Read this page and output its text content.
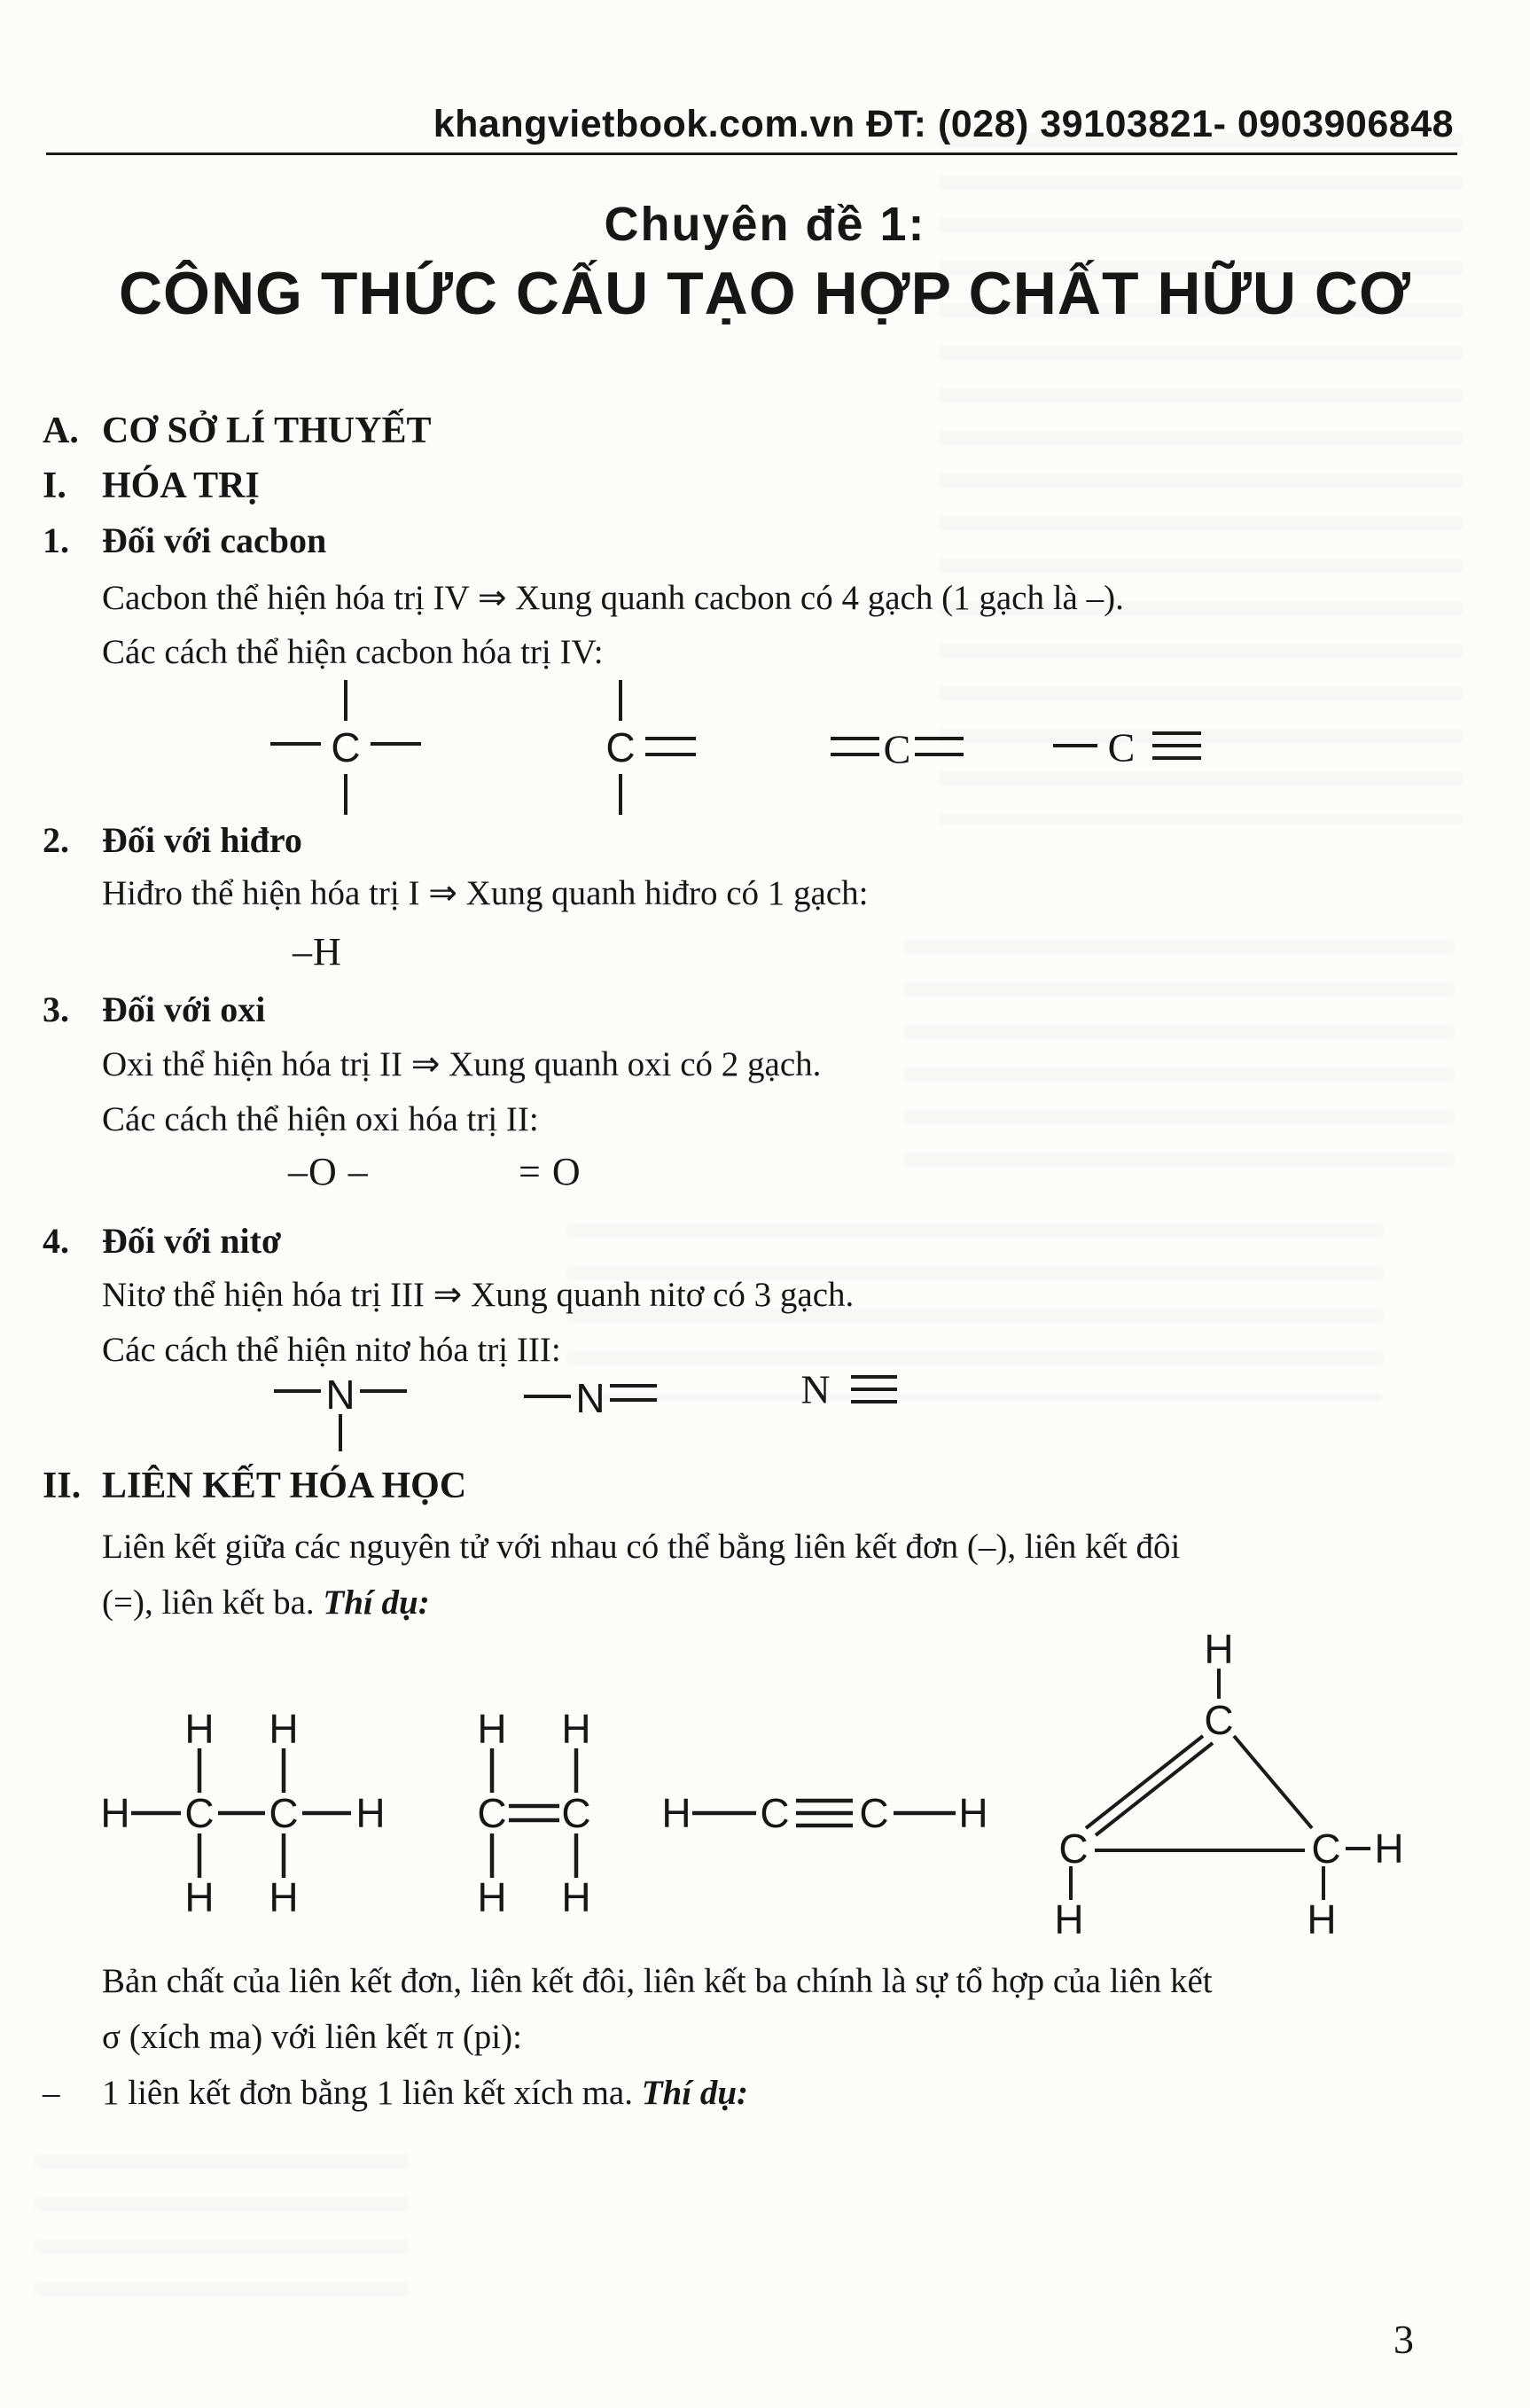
khangvietbook.com.vn ĐT: (028) 39103821- 0903906848
Chuyên đề 1:
CÔNG THỨC CẤU TẠO HỢP CHẤT HỮU CƠ
A. CƠ SỞ LÍ THUYẾT
I. HÓA TRỊ
1. Đối với cacbon
Cacbon thể hiện hóa trị IV ⇒ Xung quanh cacbon có 4 gạch (1 gạch là –).
Các cách thể hiện cacbon hóa trị IV:
C	C	C	C
2. Đối với hiđro
Hiđro thể hiện hóa trị I ⇒ Xung quanh hiđro có 1 gạch:
–H
3. Đối với oxi
Oxi thể hiện hóa trị II ⇒ Xung quanh oxi có 2 gạch.
Các cách thể hiện oxi hóa trị II:
–O –	= O
4. Đối với nitơ
Nitơ thể hiện hóa trị III ⇒ Xung quanh nitơ có 3 gạch.
Các cách thể hiện nitơ hóa trị III:
N	N	N
II. LIÊN KẾT HÓA HỌC
Liên kết giữa các nguyên tử với nhau có thể bằng liên kết đơn (–), liên kết đôi
(=), liên kết ba. Thí dụ:
H C C H
H H
H H
C C
H H
H H
H C C H
H
C
C	C H
H	H
Bản chất của liên kết đơn, liên kết đôi, liên kết ba chính là sự tổ hợp của liên kết
σ (xích ma) với liên kết π (pi):
– 1 liên kết đơn bằng 1 liên kết xích ma. Thí dụ:
3
